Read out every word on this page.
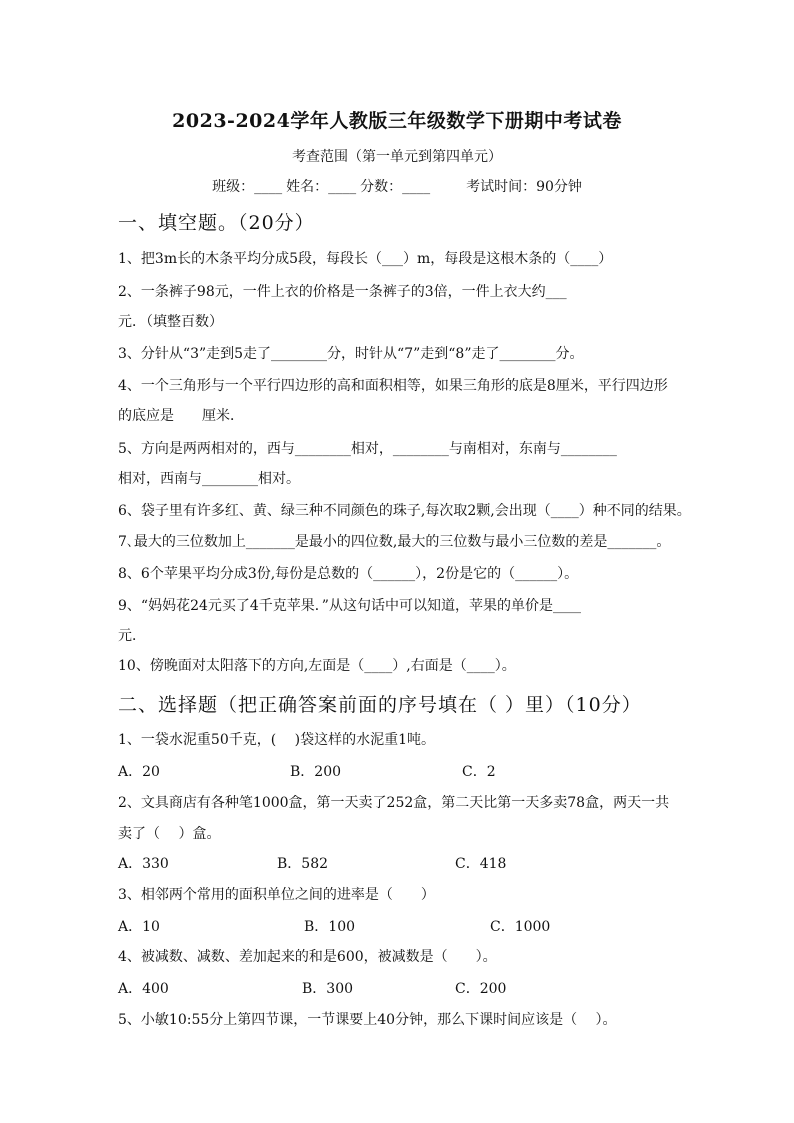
2023-2024学年人教版三年级数学下册期中考试卷
考查范围（第一单元到第四单元）
班级：____ 姓名：____ 分数：____	考试时间：90分钟
一、填空题。（20分）
1、把3m长的木条平均分成5段，每段长（___）m，每段是这根木条的（____）
2、一条裤子98元，一件上衣的价格是一条裤子的3倍，一件上衣大约___
元．（填整百数）
3、分针从“3”走到5走了________分，时针从“7”走到“8”走了________分。
4、一个三角形与一个平行四边形的高和面积相等，如果三角形的底是8厘米，平行四边形
的底应是　　厘米．
5、方向是两两相对的，西与________相对，________与南相对，东南与________
相对，西南与________相对。
6、袋子里有许多红、黄、绿三种不同颜色的珠子,每次取2颗,会出现（____）种不同的结果。
7､最大的三位数加上_______是最小的四位数,最大的三位数与最小三位数的差是_______。
8、6个苹果平均分成3份,每份是总数的（______），2份是它的（______）。
9、“妈妈花24元买了4千克苹果．”从这句话中可以知道，苹果的单价是____
元．
10、傍晚面对太阳落下的方向,左面是（____）,右面是（____）。
二、选择题（把正确答案前面的序号填在（ ）里）（10分）
1、一袋水泥重50千克，(　 )袋这样的水泥重1吨。
A．20	B．200	C．2
2、文具商店有各种笔1000盒，第一天卖了252盒，第二天比第一天多卖78盒，两天一共
卖了（　 ）盒。
A．330	B．582	C．418
3、相邻两个常用的面积单位之间的进率是（　　）
A．10	B．100	C．1000
4、被减数、减数、差加起来的和是600，被减数是（　　）。
A．400	B．300	C．200
5、小敏10:55分上第四节课，一节课要上40分钟，那么下课时间应该是（　 ）。
